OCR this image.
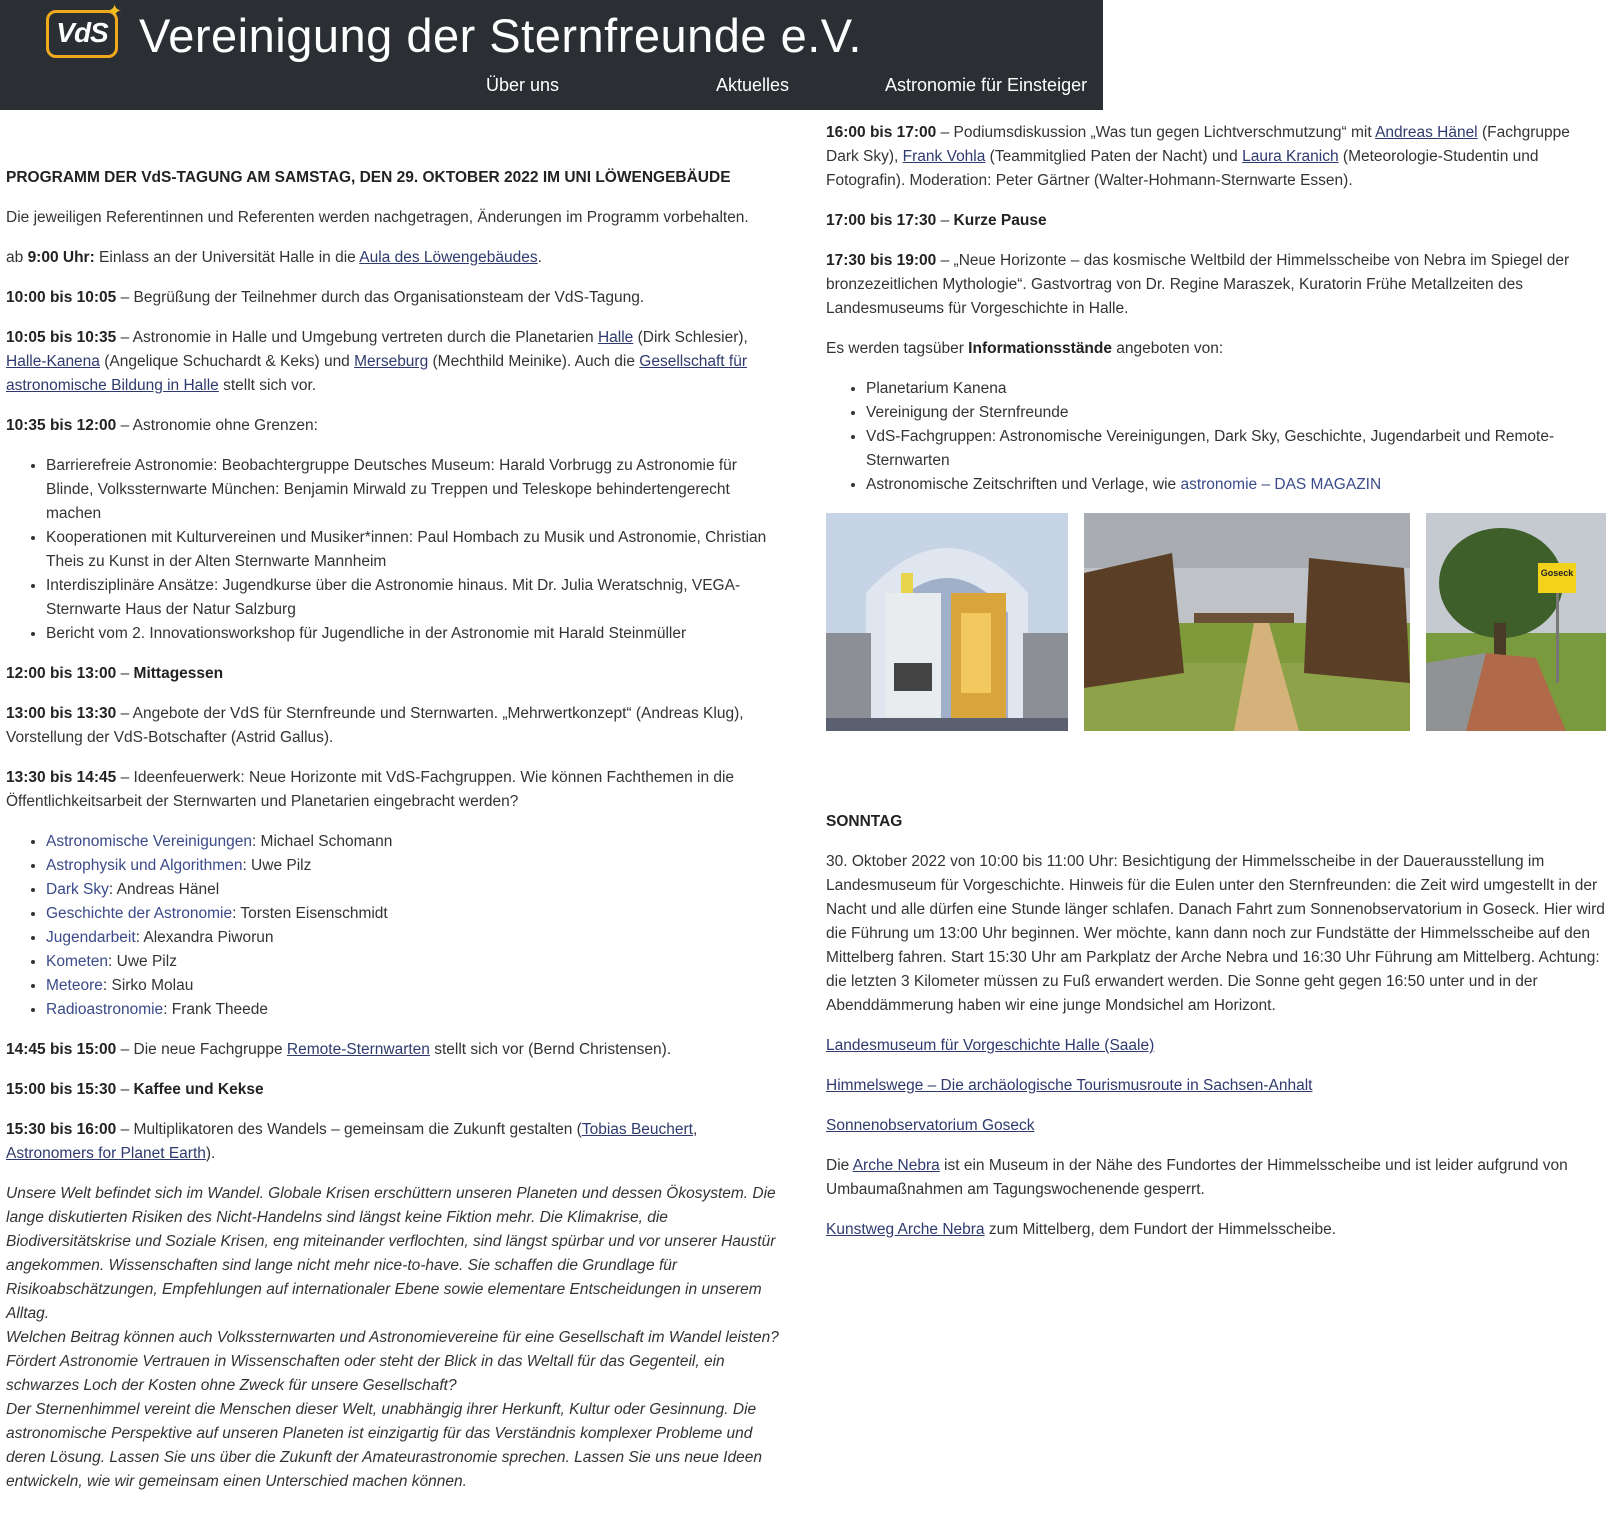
VdS
✦ Vereinigung der Sternfreunde e.V.
Über uns	Aktuelles	Astronomie für Einsteiger
PROGRAMM DER VdS-TAGUNG AM SAMSTAG, DEN 29. OKTOBER 2022 IM UNI LÖWENGEBÄUDE

Die jeweiligen Referentinnen und Referenten werden nachgetragen, Änderungen im Programm vorbehalten.

ab 9:00 Uhr: Einlass an der Universität Halle in die Aula des Löwengebäudes.

10:00 bis 10:05 – Begrüßung der Teilnehmer durch das Organisationsteam der VdS-Tagung.

10:05 bis 10:35 – Astronomie in Halle und Umgebung vertreten durch die Planetarien Halle (Dirk Schlesier), Halle-Kanena (Angelique Schuchardt & Keks) und Merseburg (Mechthild Meinike). Auch die Gesellschaft für astronomische Bildung in Halle stellt sich vor.

10:35 bis 12:00 – Astronomie ohne Grenzen:

• Barrierefreie Astronomie: Beobachtergruppe Deutsches Museum: Harald Vorbrugg zu Astronomie für Blinde, Volkssternwarte München: Benjamin Mirwald zu Treppen und Teleskope behindertengerecht machen
• Kooperationen mit Kulturvereinen und Musiker*innen: Paul Hombach zu Musik und Astronomie, Christian Theis zu Kunst in der Alten Sternwarte Mannheim
• Interdisziplinäre Ansätze: Jugendkurse über die Astronomie hinaus. Mit Dr. Julia Weratschnig, VEGA-Sternwarte Haus der Natur Salzburg
• Bericht vom 2. Innovationsworkshop für Jugendliche in der Astronomie mit Harald Steinmüller

12:00 bis 13:00 – Mittagessen

13:00 bis 13:30 – Angebote der VdS für Sternfreunde und Sternwarten. „Mehrwertkonzept“ (Andreas Klug), Vorstellung der VdS-Botschafter (Astrid Gallus).

13:30 bis 14:45 – Ideenfeuerwerk: Neue Horizonte mit VdS-Fachgruppen. Wie können Fachthemen in die Öffentlichkeitsarbeit der Sternwarten und Planetarien eingebracht werden?

• Astronomische Vereinigungen: Michael Schomann
• Astrophysik und Algorithmen: Uwe Pilz
• Dark Sky: Andreas Hänel
• Geschichte der Astronomie: Torsten Eisenschmidt
• Jugendarbeit: Alexandra Piworun
• Kometen: Uwe Pilz
• Meteore: Sirko Molau
• Radioastronomie: Frank Theede

14:45 bis 15:00 – Die neue Fachgruppe Remote-Sternwarten stellt sich vor (Bernd Christensen).

15:00 bis 15:30 – Kaffee und Kekse

15:30 bis 16:00 – Multiplikatoren des Wandels – gemeinsam die Zukunft gestalten (Tobias Beuchert, Astronomers for Planet Earth).

Unsere Welt befindet sich im Wandel. Globale Krisen erschüttern unseren Planeten und dessen Ökosystem. Die lange diskutierten Risiken des Nicht-Handelns sind längst keine Fiktion mehr. Die Klimakrise, die Biodiversitätskrise und Soziale Krisen, eng miteinander verflochten, sind längst spürbar und vor unserer Haustür angekommen. Wissenschaften sind lange nicht mehr nice-to-have. Sie schaffen die Grundlage für Risikoabschätzungen, Empfehlungen auf internationaler Ebene sowie elementare Entscheidungen in unserem Alltag.
Welchen Beitrag können auch Volkssternwarten und Astronomievereine für eine Gesellschaft im Wandel leisten? Fördert Astronomie Vertrauen in Wissenschaften oder steht der Blick in das Weltall für das Gegenteil, ein schwarzes Loch der Kosten ohne Zweck für unsere Gesellschaft?
Der Sternenhimmel vereint die Menschen dieser Welt, unabhängig ihrer Herkunft, Kultur oder Gesinnung. Die astronomische Perspektive auf unseren Planeten ist einzigartig für das Verständnis komplexer Probleme und deren Lösung. Lassen Sie uns über die Zukunft der Amateurastronomie sprechen. Lassen Sie uns neue Ideen entwickeln, wie wir gemeinsam einen Unterschied machen können.

16:00 bis 17:00 – Podiumsdiskussion „Was tun gegen Lichtverschmutzung“ mit Andreas Hänel (Fachgruppe Dark Sky), Frank Vohla (Teammitglied Paten der Nacht) und Laura Kranich (Meteorologie-Studentin und Fotografin). Moderation: Peter Gärtner (Walter-Hohmann-Sternwarte Essen).

17:00 bis 17:30 – Kurze Pause

17:30 bis 19:00 – „Neue Horizonte – das kosmische Weltbild der Himmelsscheibe von Nebra im Spiegel der bronzezeitlichen Mythologie“. Gastvortrag von Dr. Regine Maraszek, Kuratorin Frühe Metallzeiten des Landesmuseums für Vorgeschichte in Halle.

Es werden tagsüber Informationsstände angeboten von:

• Planetarium Kanena
• Vereinigung der Sternfreunde
• VdS-Fachgruppen: Astronomische Vereinigungen, Dark Sky, Geschichte, Jugendarbeit und Remote-Sternwarten
• Astronomische Zeitschriften und Verlage, wie astronomie – DAS MAGAZIN
Goseck
SONNTAG

30. Oktober 2022 von 10:00 bis 11:00 Uhr: Besichtigung der Himmelsscheibe in der Dauerausstellung im Landesmuseum für Vorgeschichte. Hinweis für die Eulen unter den Sternfreunden: die Zeit wird umgestellt in der Nacht und alle dürfen eine Stunde länger schlafen. Danach Fahrt zum Sonnenobservatorium in Goseck. Hier wird die Führung um 13:00 Uhr beginnen. Wer möchte, kann dann noch zur Fundstätte der Himmelsscheibe auf den Mittelberg fahren. Start 15:30 Uhr am Parkplatz der Arche Nebra und 16:30 Uhr Führung am Mittelberg. Achtung: die letzten 3 Kilometer müssen zu Fuß erwandert werden. Die Sonne geht gegen 16:50 unter und in der Abenddämmerung haben wir eine junge Mondsichel am Horizont.

Landesmuseum für Vorgeschichte Halle (Saale)

Himmelswege – Die archäologische Tourismusroute in Sachsen-Anhalt

Sonnenobservatorium Goseck

Die Arche Nebra ist ein Museum in der Nähe des Fundortes der Himmelsscheibe und ist leider aufgrund von Umbaumaßnahmen am Tagungswochenende gesperrt.

Kunstweg Arche Nebra zum Mittelberg, dem Fundort der Himmelsscheibe.
